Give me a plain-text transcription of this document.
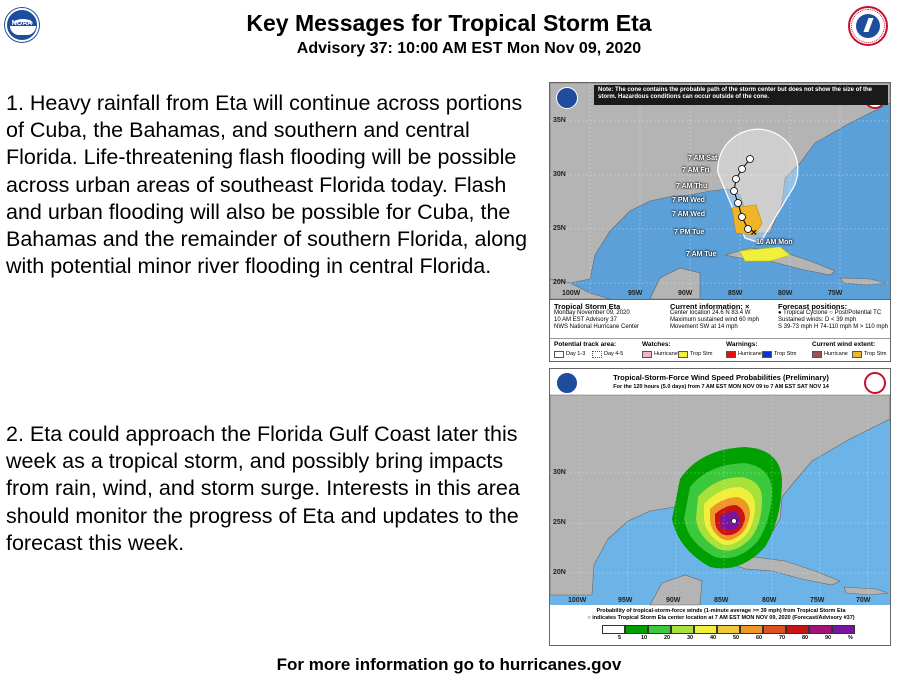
NOAA	Key Messages for Tropical Storm Eta
Advisory 37: 10:00 AM EST Mon Nov 09, 2020
1. Heavy rainfall from Eta will continue across portions of Cuba, the Bahamas, and southern and central Florida. Life-threatening flash flooding will be possible across urban areas of southeast Florida today. Flash and urban flooding will also be possible for Cuba, the Bahamas and the remainder of southern Florida, along with potential minor river flooding in central Florida.
2. Eta could approach the Florida Gulf Coast later this week as a tropical storm, and possibly bring impacts from rain, wind, and storm surge. Interests in this area should monitor the progress of Eta and updates to the forecast this week.
×
Note: The cone contains the probable path of the storm center but does not show the size of the storm. Hazardous conditions can occur outside of the cone.
35N
30N
25N
20N
100W	95W	90W	85W	80W	75W
7 AM Sat
7 AM Fri
7 AM Thu
7 PM Wed
7 AM Wed
7 PM Tue
7 AM Tue
10 AM Mon
Tropical Storm Eta
Monday November 09, 2020
10 AM EST Advisory 37
NWS National Hurricane Center
Current information: ×
Center location 24.6 N 83.4 W
Maximum sustained wind 60 mph
Movement SW at 14 mph
Forecast positions:
● Tropical Cyclone ○ Post/Potential TC
Sustained winds: D < 39 mph
S 39-73 mph H 74-110 mph M > 110 mph
Potential track area:
Day 1-3	Day 4-5
Watches:
Hurricane Trop Stm
Warnings:
Hurricane Trop Stm
Current wind extent:
Hurricane	Trop Stm
Tropical-Storm-Force Wind Speed Probabilities (Preliminary)
For the 120 hours (5.0 days) from 7 AM EST MON NOV 09 to 7 AM EST SAT NOV 14
30N
25N
20N
100W	95W	90W	85W	80W	75W	70W
Probability of tropical-storm-force winds (1-minute average >= 39 mph) from Tropical Storm Eta
○ indicates Tropical Storm Eta center location at 7 AM EST MON NOV 09, 2020 (Forecast/Advisory #37)
5	10	20	30	40	50	60	70	80	90	%
For more information go to hurricanes.gov
